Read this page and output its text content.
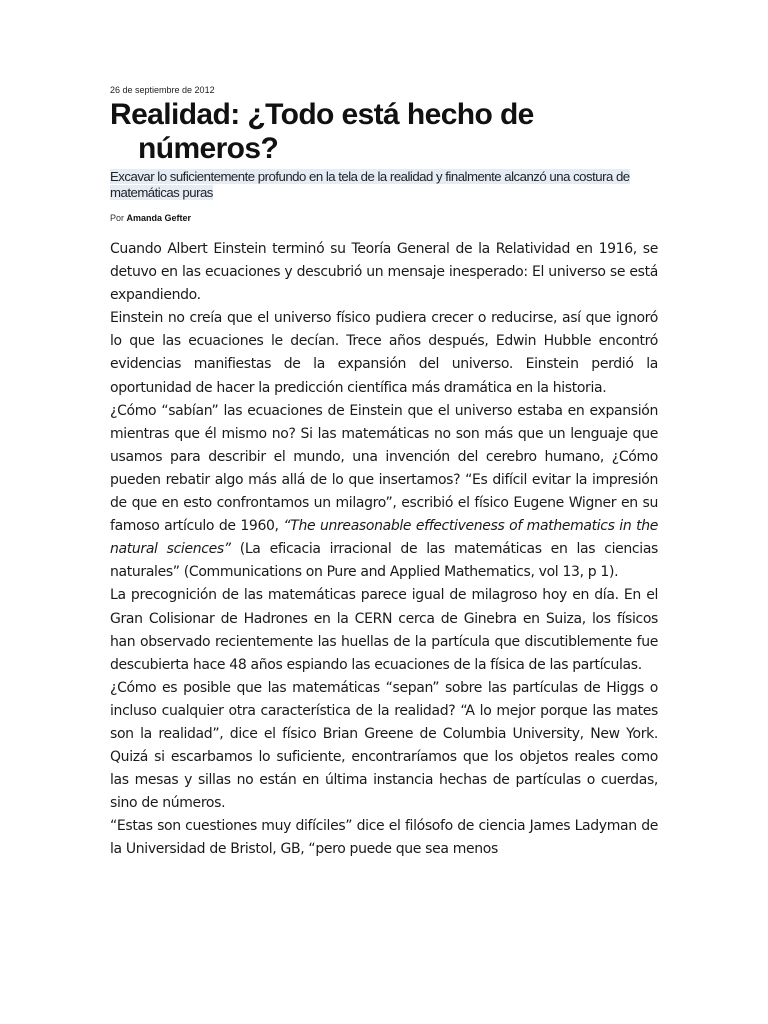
26 de septiembre de 2012

Realidad: ¿Todo está hecho de números?

Excavar lo suficientemente profundo en la tela de la realidad y finalmente alcanzó una costura de matemáticas puras

Por Amanda Gefter

Cuando Albert Einstein terminó su Teoría General de la Relatividad en 1916, se detuvo en las ecuaciones y descubrió un mensaje inesperado: El universo se está expandiendo.

Einstein no creía que el universo físico pudiera crecer o reducirse, así que ignoró lo que las ecuaciones le decían. Trece años después, Edwin Hubble encontró evidencias manifiestas de la expansión del universo. Einstein perdió la oportunidad de hacer la predicción científica más dramática en la historia.

¿Cómo “sabían” las ecuaciones de Einstein que el universo estaba en expansión mientras que él mismo no? Si las matemáticas no son más que un lenguaje que usamos para describir el mundo, una invención del cerebro humano, ¿Cómo pueden rebatir algo más allá de lo que insertamos? “Es difícil evitar la impresión de que en esto confrontamos un milagro”, escribió el físico Eugene Wigner en su famoso artículo de 1960, “The unreasonable effectiveness of mathematics in the natural sciences” (La eficacia irracional de las matemáticas en las ciencias naturales” (Communications on Pure and Applied Mathematics, vol 13, p 1).

La precognición de las matemáticas parece igual de milagroso hoy en día. En el Gran Colisionar de Hadrones en la CERN cerca de Ginebra en Suiza, los físicos han observado recientemente las huellas de la partícula que discutiblemente fue descubierta hace 48 años espiando las ecuaciones de la física de las partículas.

¿Cómo es posible que las matemáticas “sepan” sobre las partículas de Higgs o incluso cualquier otra característica de la realidad? “A lo mejor porque las mates son la realidad”, dice el físico Brian Greene de Columbia University, New York. Quizá si escarbamos lo suficiente, encontraríamos que los objetos reales como las mesas y sillas no están en última instancia hechas de partículas o cuerdas, sino de números.

“Estas son cuestiones muy difíciles” dice el filósofo de ciencia James Ladyman de la Universidad de Bristol, GB, “pero puede que sea menos
